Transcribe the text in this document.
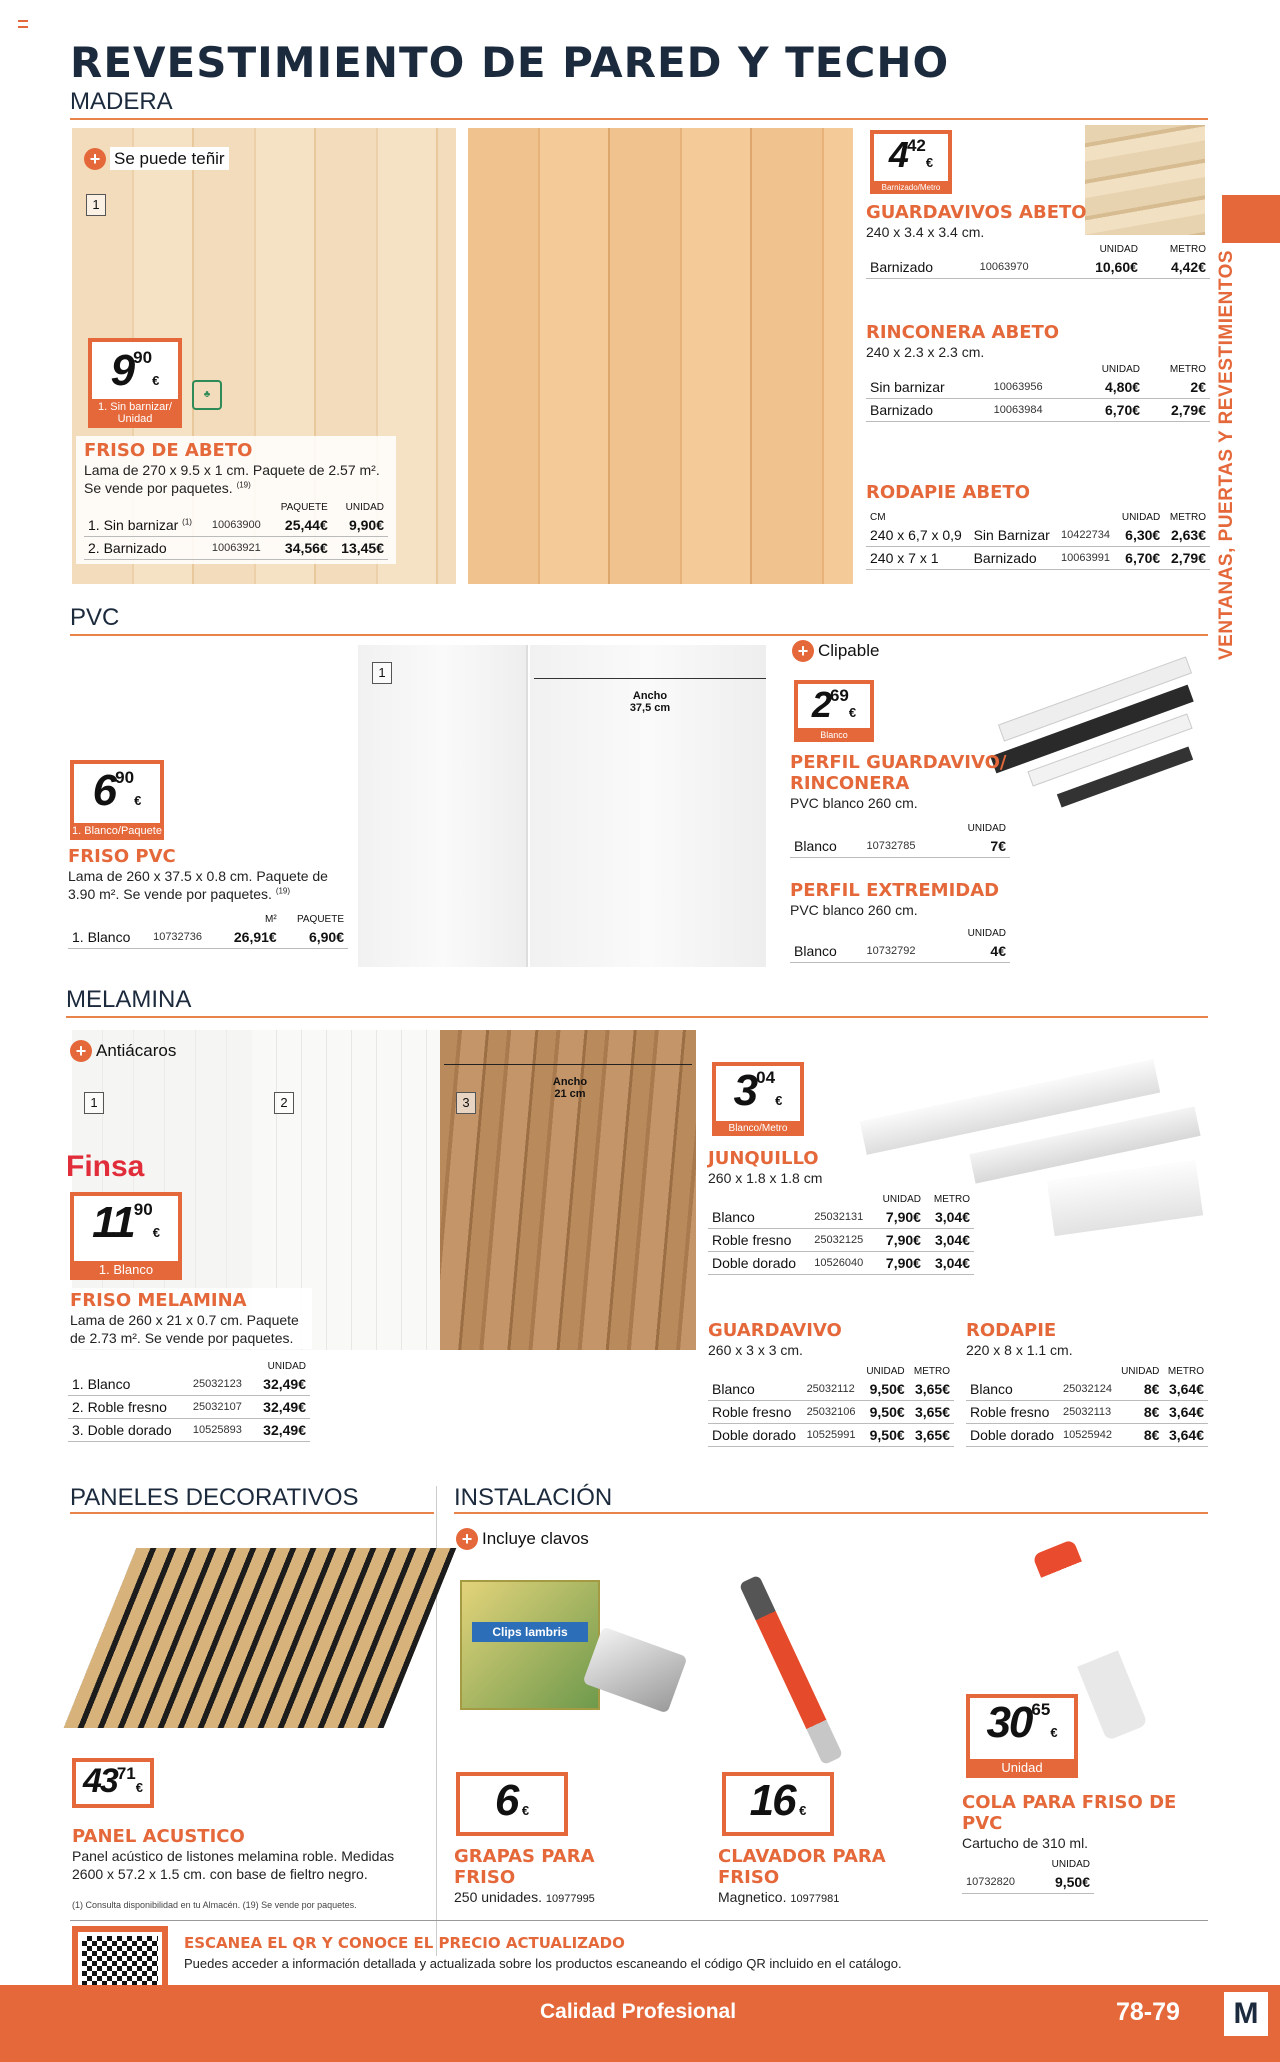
REVESTIMIENTO DE PARED Y TECHO
VENTANAS, PUERTAS Y REVESTIMIENTOS
MADERA
+ Se puede teñir
1
990€
1. Sin barnizar/ Unidad
♣
FRISO DE ABETO
Lama de 270 x 9.5 x 1 cm. Paquete de 2.57 m². Se vende por paquetes. $^{(19)}$
		PAQUETE	UNIDAD
1. Sin barnizar $^{(1)}$	10063900	25,44€	9,90€
2. Barnizado	10063921	34,56€	13,45€
442€
Barnizado/Metro
GUARDAVIVOS ABETO
240 x 3.4 x 3.4 cm.
		UNIDAD	METRO
Barnizado	10063970	10,60€	4,42€
RINCONERA ABETO
240 x 2.3 x 2.3 cm.
		UNIDAD	METRO
Sin barnizar	10063956	4,80€	2€
Barnizado	10063984	6,70€	2,79€
RODAPIE ABETO
CM			UNIDAD	METRO
240 x 6,7 x 0,9	Sin Barnizar	10422734	6,30€	2,63€
240 x 7 x 1	Barnizado	10063991	6,70€	2,79€
PVC
1
Ancho
37,5 cm
690€
1. Blanco/Paquete
FRISO PVC
Lama de 260 x 37.5 x 0.8 cm. Paquete de 3.90 m². Se vende por paquetes. $^{(19)}$
		M²	PAQUETE
1. Blanco	10732736	26,91€	6,90€
+ Clipable
269€
Blanco
PERFIL GUARDAVIVO/ RINCONERA
PVC blanco 260 cm.
		UNIDAD
Blanco	10732785	7€
PERFIL EXTREMIDAD
PVC blanco 260 cm.
		UNIDAD
Blanco	10732792	4€
MELAMINA
+ Antiácaros
1	2	3
Ancho
21 cm
Finsa
1190€
1. Blanco
FRISO MELAMINA
Lama de 260 x 21 x 0.7 cm. Paquete de 2.73 m². Se vende por paquetes.
		UNIDAD
1. Blanco	25032123	32,49€
2. Roble fresno	25032107	32,49€
3. Doble dorado	10525893	32,49€
304€
Blanco/Metro
JUNQUILLO
260 x 1.8 x 1.8 cm
		UNIDAD	METRO
Blanco	25032131	7,90€	3,04€
Roble fresno	25032125	7,90€	3,04€
Doble dorado	10526040	7,90€	3,04€
GUARDAVIVO
260 x 3 x 3 cm.
		UNIDAD	METRO
Blanco	25032112	9,50€	3,65€
Roble fresno	25032106	9,50€	3,65€
Doble dorado	10525991	9,50€	3,65€
RODAPIE
220 x 8 x 1.1 cm.
		UNIDAD	METRO
Blanco	25032124	8€	3,64€
Roble fresno	25032113	8€	3,64€
Doble dorado	10525942	8€	3,64€
PANELES DECORATIVOS	INSTALACIÓN
4371€
PANEL ACUSTICO
Panel acústico de listones melamina roble. Medidas 2600 x 57.2 x 1.5 cm. con base de fieltro negro.
+ Incluye clavos
Clips lambris
6 €
GRAPAS PARA FRISO
250 unidades. 10977995
16 €
CLAVADOR PARA FRISO
Magnetico. 10977981
3065€
Unidad
COLA PARA FRISO DE PVC
Cartucho de 310 ml.
	UNIDAD
10732820	9,50€
(1) Consulta disponibilidad en tu Almacén. (19) Se vende por paquetes.
ESCANEA EL QR Y CONOCE EL PRECIO ACTUALIZADO
Puedes acceder a información detallada y actualizada sobre los productos escaneando el código QR incluido en el catálogo.
Calidad Profesional	78-79	M
